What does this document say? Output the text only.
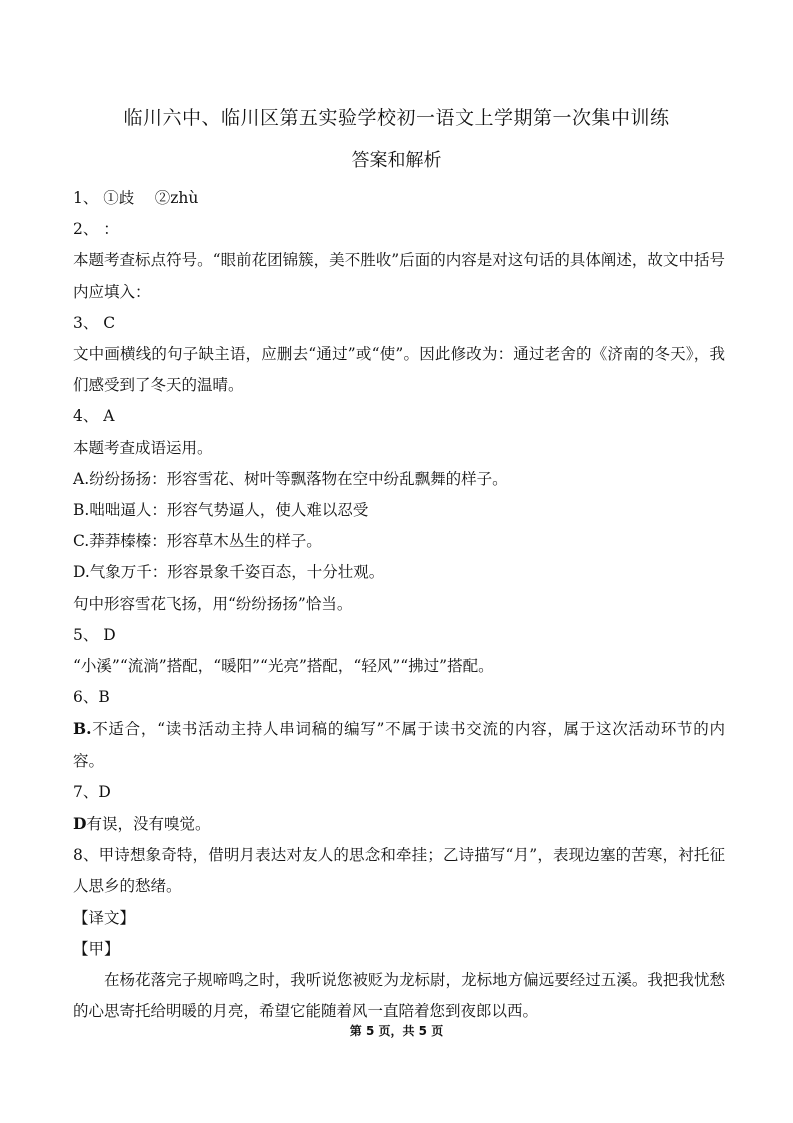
临川六中、临川区第五实验学校初一语文上学期第一次集中训练
答案和解析
1、 ①歧 　②zhù
2、 ：
本题考查标点符号。“眼前花团锦簇，美不胜收”后面的内容是对这句话的具体阐述，故文中括号内应填入：
3、 C
文中画横线的句子缺主语，应删去“通过”或“使”。因此修改为：通过老舍的《济南的冬天》，我们感受到了冬天的温晴。
4、 A
本题考查成语运用。
A.纷纷扬扬：形容雪花、树叶等飘落物在空中纷乱飘舞的样子。
B.咄咄逼人：形容气势逼人，使人难以忍受
C.莽莽榛榛：形容草木丛生的样子。
D.气象万千：形容景象千姿百态，十分壮观。
句中形容雪花飞扬，用“纷纷扬扬”恰当。
5、 D
“小溪”“流淌”搭配，“暖阳”“光亮”搭配，“轻风”“拂过”搭配。
6、B
B.不适合，“读书活动主持人串词稿的编写”不属于读书交流的内容，属于这次活动环节的内容。
7、D
D有误，没有嗅觉。
8、甲诗想象奇特，借明月表达对友人的思念和牵挂；乙诗描写“月”，表现边塞的苦寒，衬托征人思乡的愁绪。
【译文】
【甲】
在杨花落完子规啼鸣之时，我听说您被贬为龙标尉，龙标地方偏远要经过五溪。我把我忧愁的心思寄托给明暖的月亮，希望它能随着风一直陪着您到夜郎以西。
第 5 页，共 5 页
